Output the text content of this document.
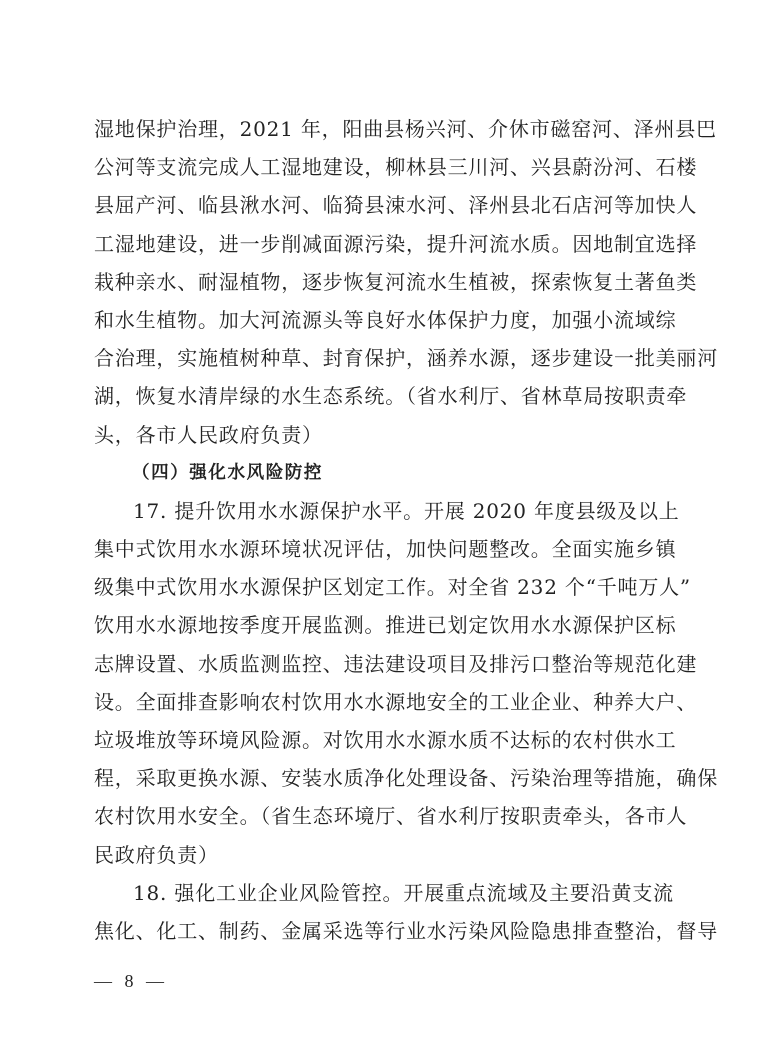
湿地保护治理，2021 年，阳曲县杨兴河、介休市磁窑河、泽州县巴
公河等支流完成人工湿地建设，柳林县三川河、兴县蔚汾河、石楼
县屈产河、临县湫水河、临猗县涑水河、泽州县北石店河等加快人
工湿地建设，进一步削减面源污染，提升河流水质。因地制宜选择
栽种亲水、耐湿植物，逐步恢复河流水生植被，探索恢复土著鱼类
和水生植物。加大河流源头等良好水体保护力度，加强小流域综
合治理，实施植树种草、封育保护，涵养水源，逐步建设一批美丽河
湖，恢复水清岸绿的水生态系统。（省水利厅、省林草局按职责牵
头，各市人民政府负责）
（四）强化水风险防控
17. 提升饮用水水源保护水平。开展 2020 年度县级及以上
集中式饮用水水源环境状况评估，加快问题整改。全面实施乡镇
级集中式饮用水水源保护区划定工作。对全省 232 个“千吨万人”
饮用水水源地按季度开展监测。推进已划定饮用水水源保护区标
志牌设置、水质监测监控、违法建设项目及排污口整治等规范化建
设。全面排查影响农村饮用水水源地安全的工业企业、种养大户、
垃圾堆放等环境风险源。对饮用水水源水质不达标的农村供水工
程，采取更换水源、安装水质净化处理设备、污染治理等措施，确保
农村饮用水安全。（省生态环境厅、省水利厅按职责牵头，各市人
民政府负责）
18. 强化工业企业风险管控。开展重点流域及主要沿黄支流
焦化、化工、制药、金属采选等行业水污染风险隐患排查整治，督导
— 8 —
